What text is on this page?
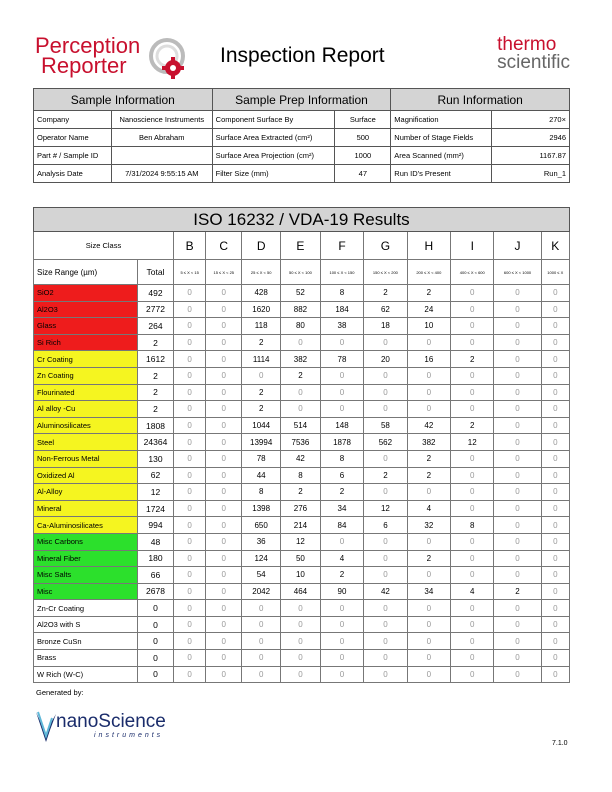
Perception
Reporter	Inspection Report	thermo
scientific
Sample Information		Sample Prep Information		Run Information	
Company	Nanoscience Instruments	Component Surface By	Surface	Magnification	270×
Operator Name	Ben Abraham	Surface Area Extracted (cm²)	500	Number of Stage Fields	2946
Part # / Sample ID		Surface Area Projection (cm²)	1000	Area Scanned (mm²)	1167.87
Analysis Date	7/31/2024 9:55:15 AM	Filter Size (mm)	47	Run ID's Present	Run_1
ISO 16232 / VDA-19 Results											
Size Class		B	C	D	E	F	G	H	I	J	K
Size Range (µm)	Total	5 ≤ X < 15	15 ≤ X < 25	25 ≤ X < 50	50 ≤ X < 100	100 ≤ X < 150	150 ≤ X < 200	200 ≤ X < 400	400 ≤ X < 600	600 ≤ X < 1000	1000 ≤ X
SiO2	492	0	0	428	52	8	2	2	0	0	0
Al2O3	2772	0	0	1620	882	184	62	24	0	0	0
Glass	264	0	0	118	80	38	18	10	0	0	0
Si Rich	2	0	0	2	0	0	0	0	0	0	0
Cr Coating	1612	0	0	1114	382	78	20	16	2	0	0
Zn Coating	2	0	0	0	2	0	0	0	0	0	0
Flourinated	2	0	0	2	0	0	0	0	0	0	0
Al alloy -Cu	2	0	0	2	0	0	0	0	0	0	0
Aluminosilicates	1808	0	0	1044	514	148	58	42	2	0	0
Steel	24364	0	0	13994	7536	1878	562	382	12	0	0
Non-Ferrous Metal	130	0	0	78	42	8	0	2	0	0	0
Oxidized Al	62	0	0	44	8	6	2	2	0	0	0
Al-Alloy	12	0	0	8	2	2	0	0	0	0	0
Mineral	1724	0	0	1398	276	34	12	4	0	0	0
Ca-Aluminosilicates	994	0	0	650	214	84	6	32	8	0	0
Misc Carbons	48	0	0	36	12	0	0	0	0	0	0
Mineral Fiber	180	0	0	124	50	4	0	2	0	0	0
Misc Salts	66	0	0	54	10	2	0	0	0	0	0
Misc	2678	0	0	2042	464	90	42	34	4	2	0
Zn-Cr Coating	0	0	0	0	0	0	0	0	0	0	0
Al2O3 with S	0	0	0	0	0	0	0	0	0	0	0
Bronze CuSn	0	0	0	0	0	0	0	0	0	0	0
Brass	0	0	0	0	0	0	0	0	0	0	0
W Rich (W-C)	0	0	0	0	0	0	0	0	0	0	0
Generated by:
nanoScience
instruments
7.1.0
